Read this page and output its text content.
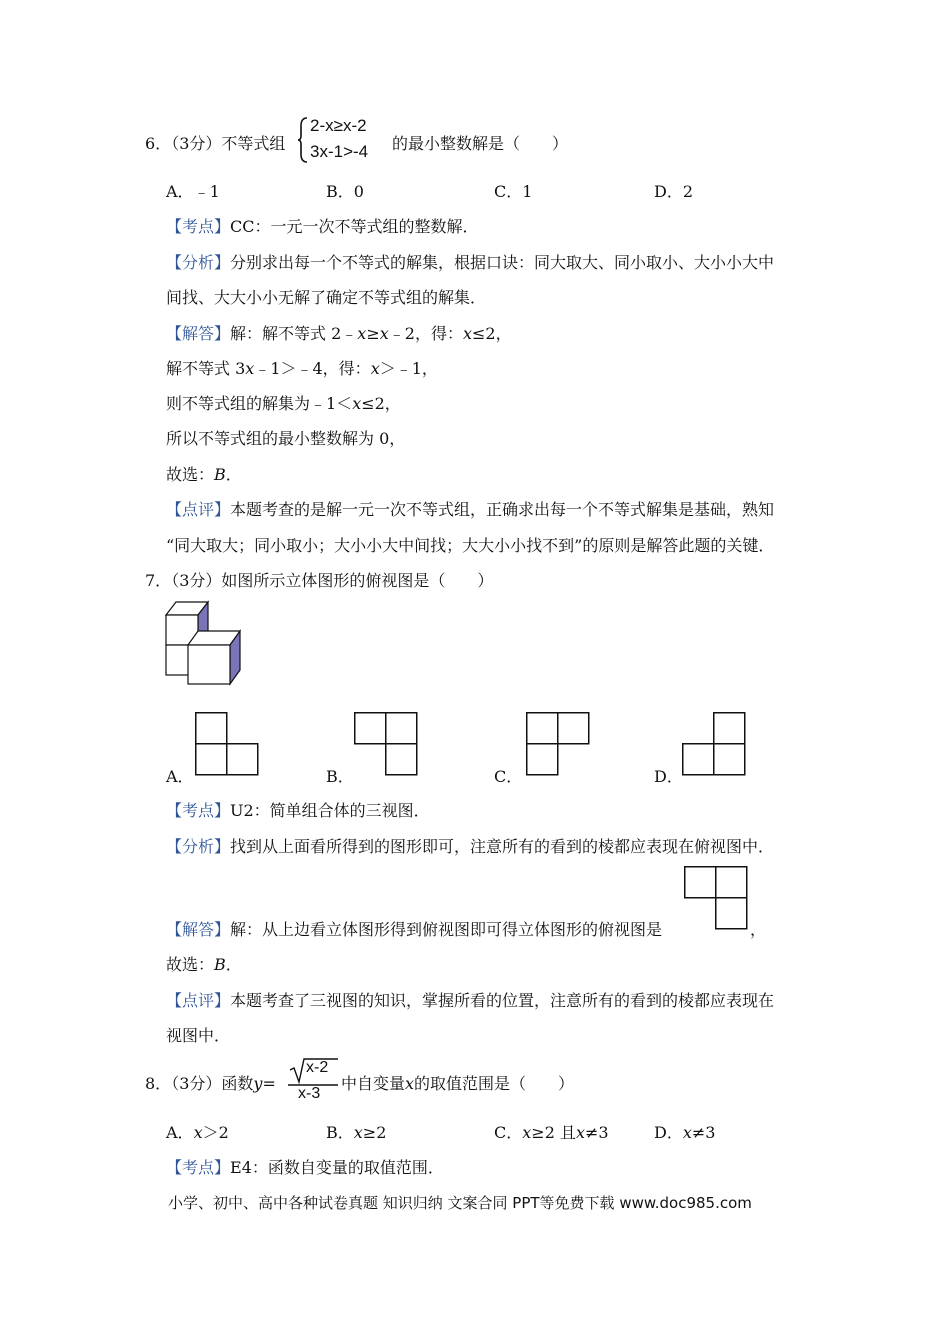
6．（3分）不等式组
2-x≥x-2
3x-1>-4 的最小整数解是（　　）
A．﹣1	B．0	C．1	D．2
【考点】CC：一元一次不等式组的整数解．
【分析】分别求出每一个不等式的解集，根据口诀：同大取大、同小取小、大小小大中
间找、大大小小无解了确定不等式组的解集．
【解答】解：解不等式 2﹣x≥x﹣2，得：x≤2，
解不等式 3x﹣1＞﹣4，得：x＞﹣1，
则不等式组的解集为﹣1＜x≤2，
所以不等式组的最小整数解为 0，
故选：B．
【点评】本题考查的是解一元一次不等式组，正确求出每一个不等式解集是基础，熟知
“同大取大；同小取小；大小小大中间找；大大小小找不到”的原则是解答此题的关键．
7．（3分）如图所示立体图形的俯视图是（　　）
A．	B．	C．	D．
【考点】U2：简单组合体的三视图．
【分析】找到从上面看所得到的图形即可，注意所有的看到的棱都应表现在俯视图中．
【解答】解：从上边看立体图形得到俯视图即可得立体图形的俯视图是	，
故选：B．
【点评】本题考查了三视图的知识，掌握所看的位置，注意所有的看到的棱都应表现在
视图中．
8．（3分）函数y=
x-2
x-3
中自变量x的取值范围是（　　）
A．x＞2	B．x≥2	C．x≥2 且x≠3	D．x≠3
【考点】E4：函数自变量的取值范围．
小学、初中、高中各种试卷真题 知识归纳 文案合同 PPT等免费下载 www.doc985.com
